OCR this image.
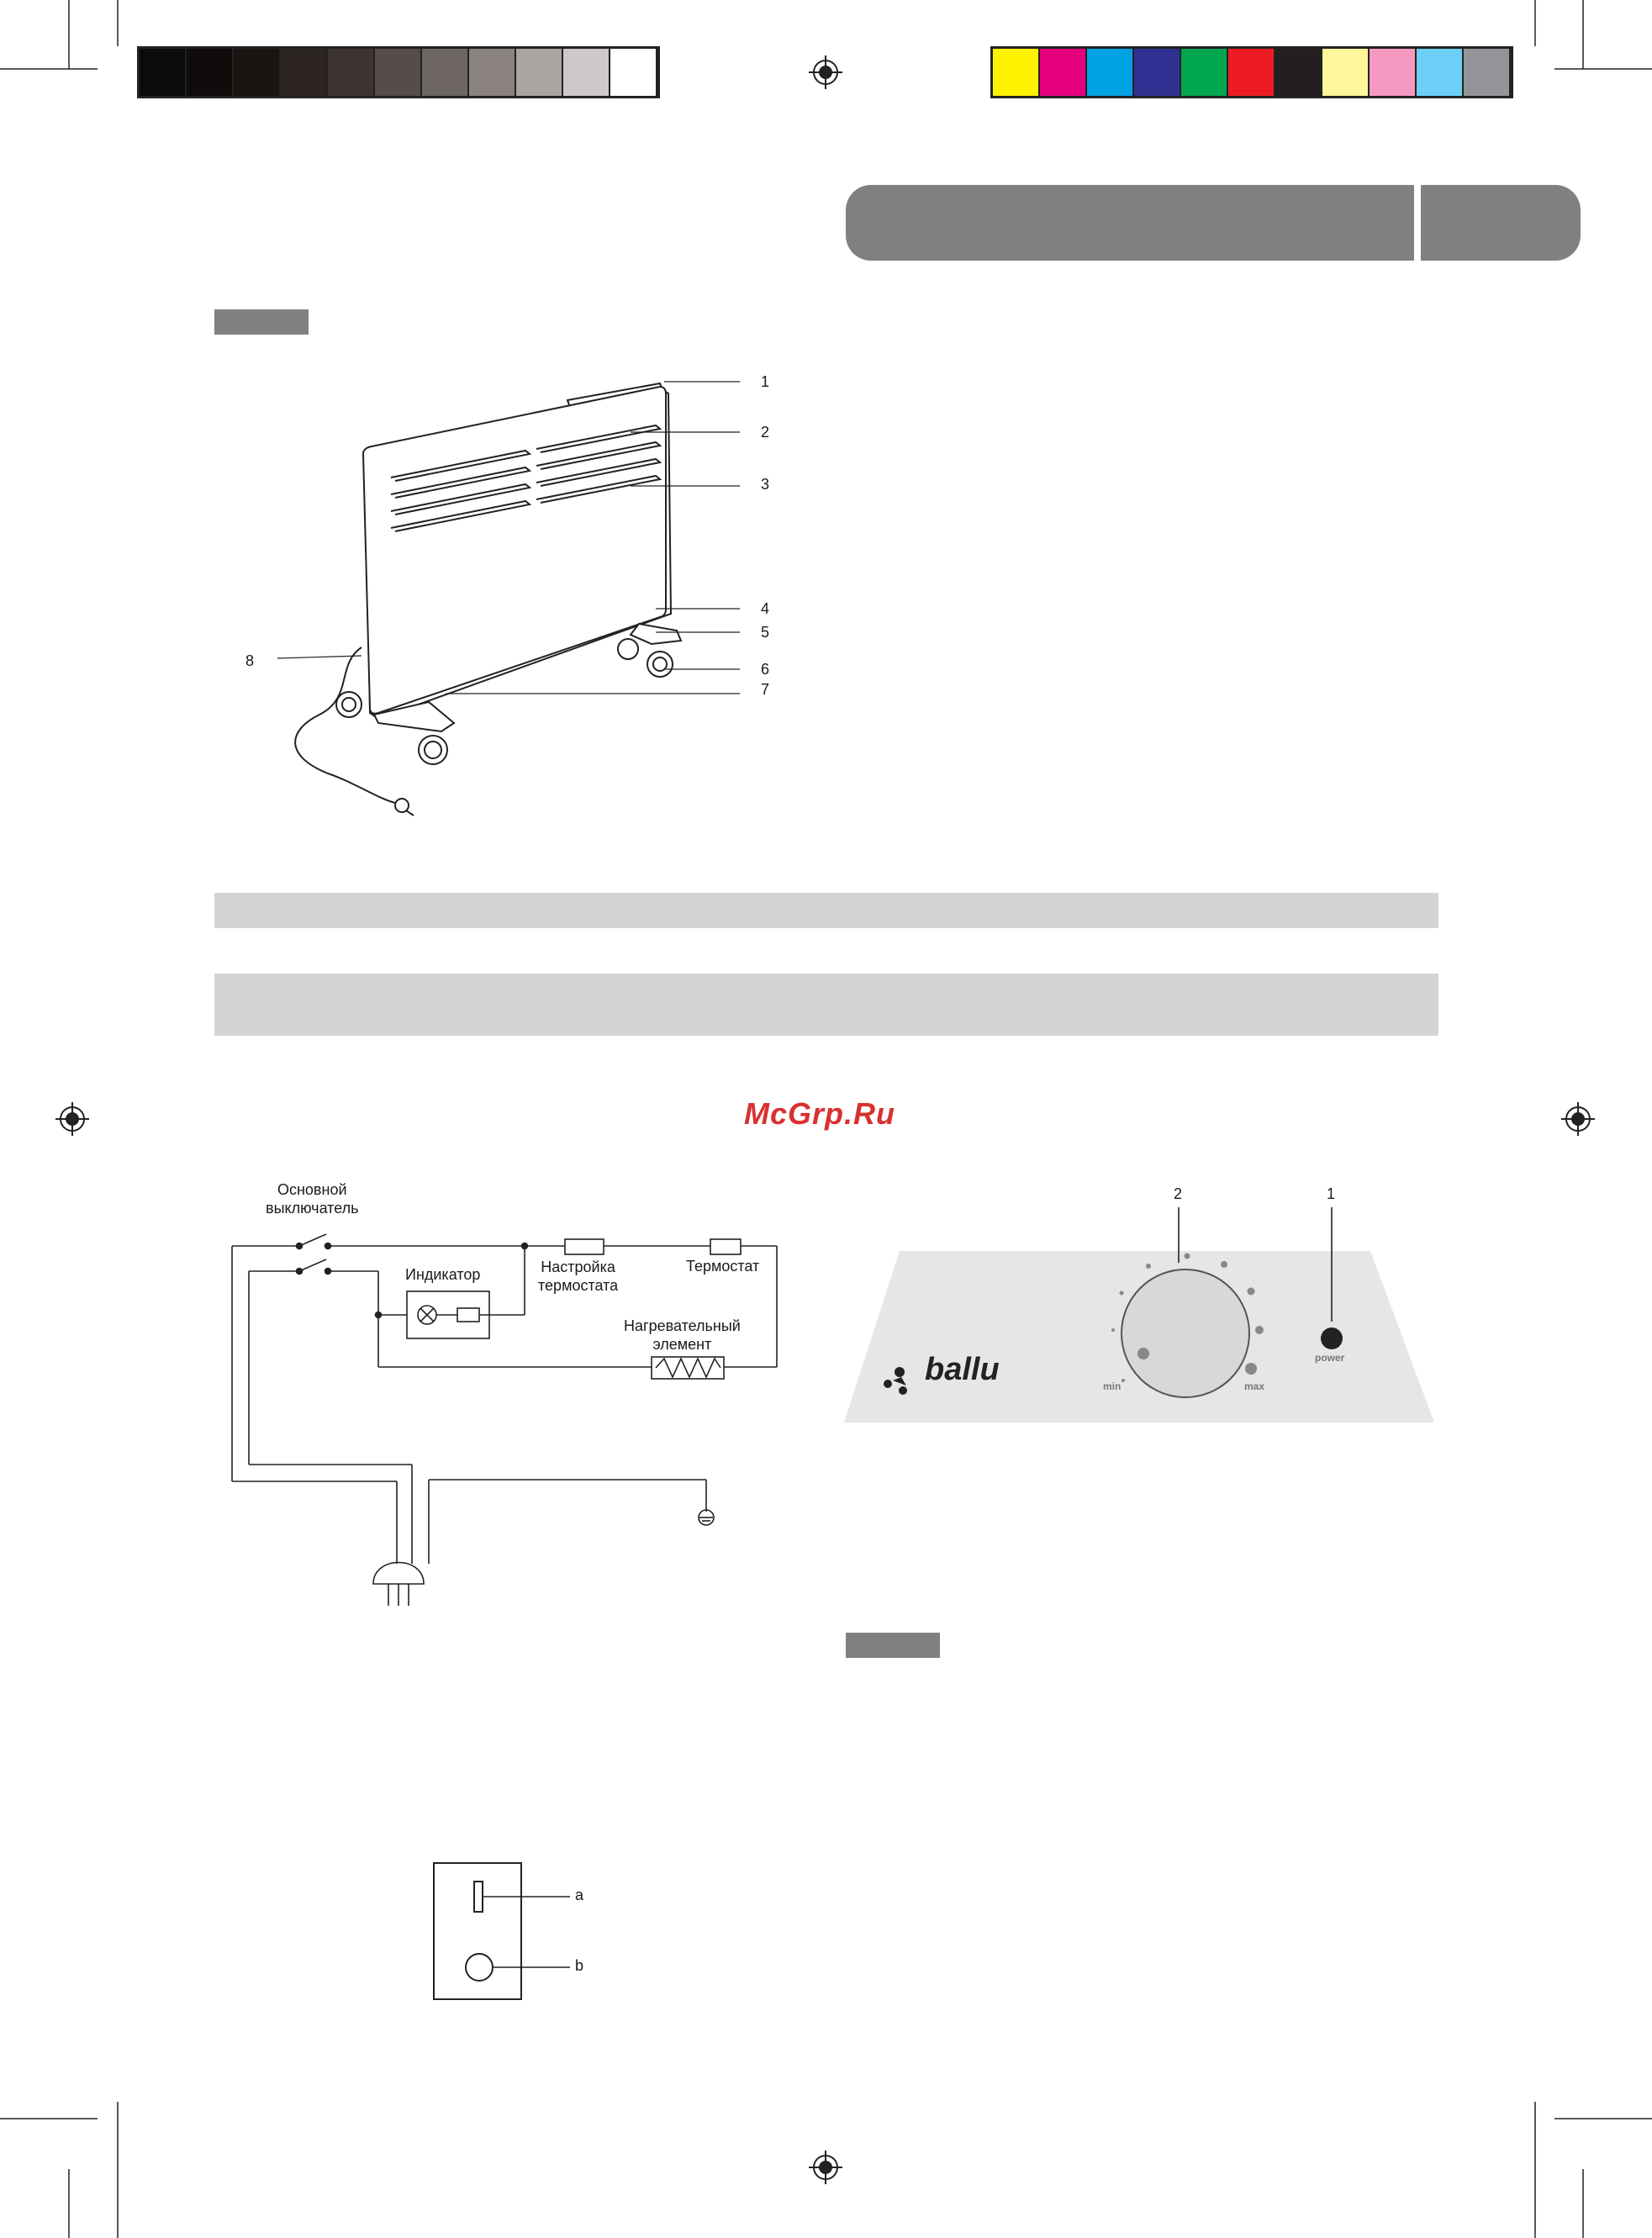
1
2
3
4
5
6
7
8
McGrp.Ru
Основной
выключатель
Индикатор	Настройка
термостата
Термостат
Нагревательный
элемент
2	1
ballu	min	max
power
a
b
